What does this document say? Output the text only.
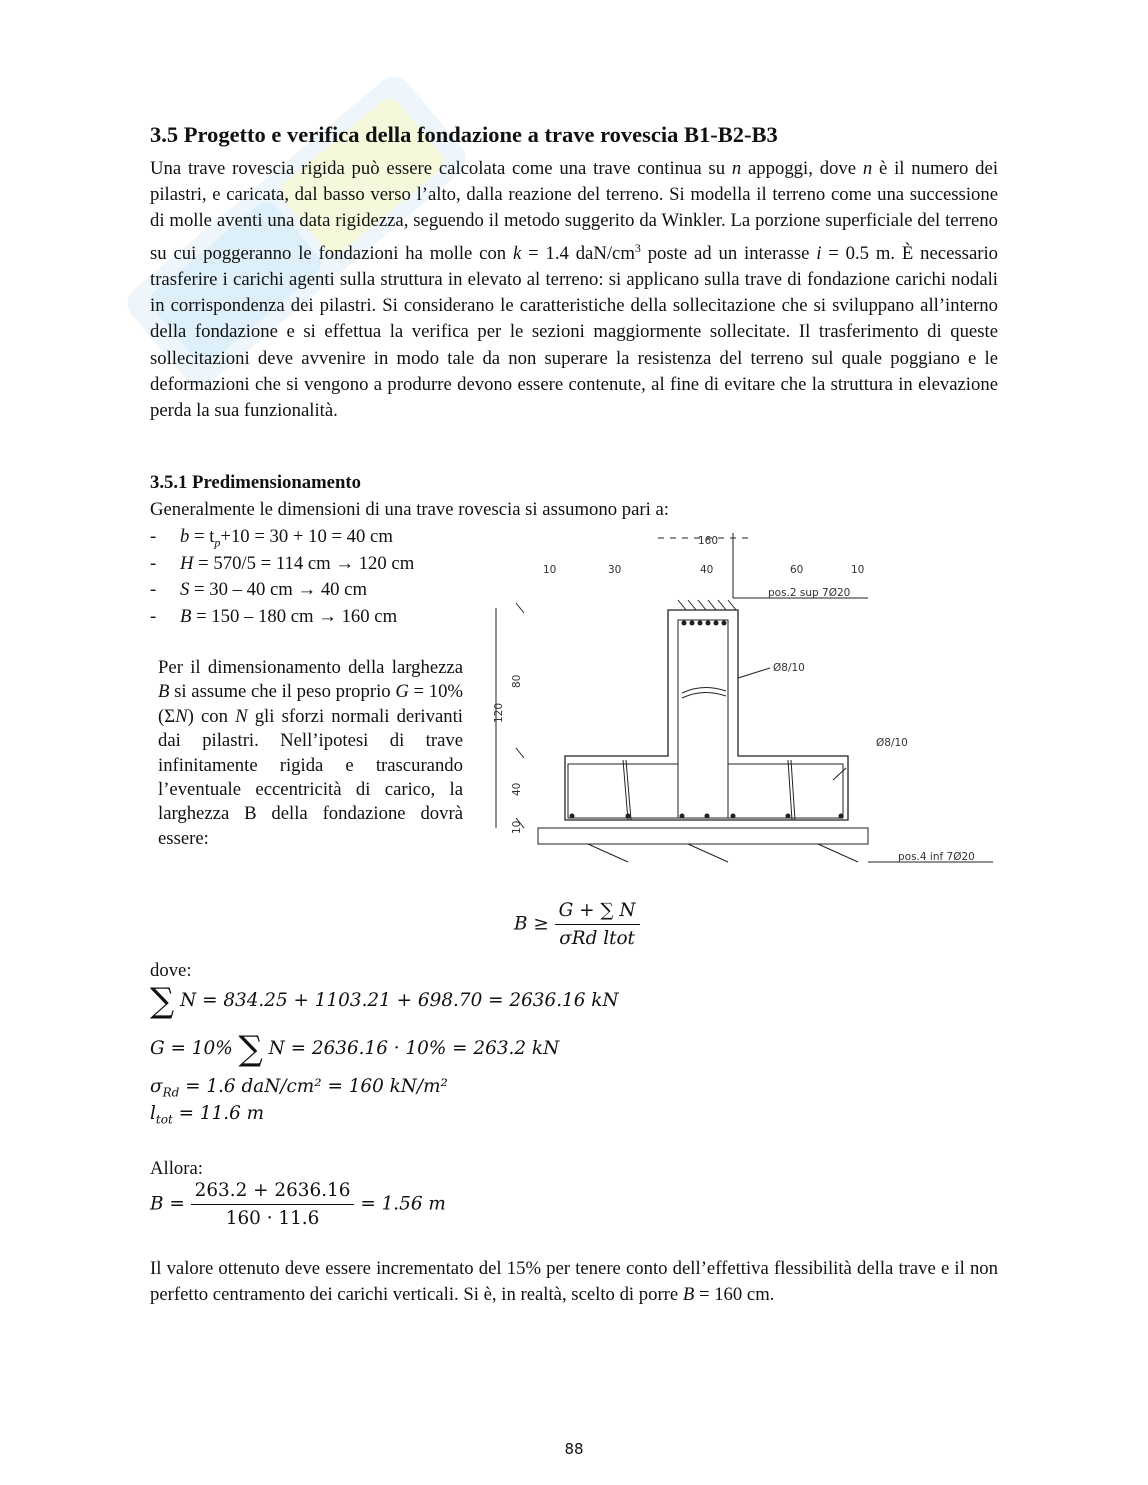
3.5 Progetto e verifica della fondazione a trave rovescia B1-B2-B3

Una trave rovescia rigida può essere calcolata come una trave continua su n appoggi, dove n è il numero dei pilastri, e caricata, dal basso verso l’alto, dalla reazione del terreno. Si modella il terreno come una successione di molle aventi una data rigidezza, seguendo il metodo suggerito da Winkler. La porzione superficiale del terreno su cui poggeranno le fondazioni ha molle con k = 1.4 daN/$cm^3$ poste ad un interasse i = 0.5 m. È necessario trasferire i carichi agenti sulla struttura in elevato al terreno: si applicano sulla trave di fondazione carichi nodali in corrispondenza dei pilastri. Si considerano le caratteristiche della sollecitazione che si sviluppano all’interno della fondazione e si effettua la verifica per le sezioni maggiormente sollecitate. Il trasferimento di queste sollecitazioni deve avvenire in modo tale da non superare la resistenza del terreno sul quale poggiano e le deformazioni che si vengono a produrre devono essere contenute, al fine di evitare che la struttura in elevazione perda la sua funzionalità.

3.5.1 Predimensionamento

Generalmente le dimensioni di una trave rovescia si assumono pari a:

- $b = t_p+10 = 30 + 10 = 40$ cm
- H = 570/5 = 114 cm → 120 cm
- S = 30 – 40 cm → 40 cm
- B = 150 – 180 cm → 160 cm

Per il dimensionamento della larghezza B si assume che il peso proprio G = 10%(ΣN) con N gli sforzi normali derivanti dai pilastri. Nell’ipotesi di trave infinitamente rigida e trascurando l’eventuale eccentricità di carico, la larghezza B della fondazione dovrà essere:

160
10	30	40	60	10
pos.2 sup 7Ø20
Ø8/10
Ø8/10
80
120
40
10
pos.4 inf 7Ø20
$B \ge \frac{G + \sum N}{\text{σRd ltot}}$

dove:

∑ N = 834.25 + 1103.21 + 698.70 = 2636.16 kN
G = 10% ∑ N = 2636.16 · 10% = 263.2 kN
$\sigma_{Rd} = 1.6$ daN/cm² = 160 kN/m²
$l_{tot} = 11.6$ m

Allora:

$B = \frac{263.2 + 2636.16}{160 \cdot 11.6} = 1.56$ m

Il valore ottenuto deve essere incrementato del 15% per tenere conto dell’effettiva flessibilità della trave e il non perfetto centramento dei carichi verticali. Si è, in realtà, scelto di porre B = 160 cm.

88
